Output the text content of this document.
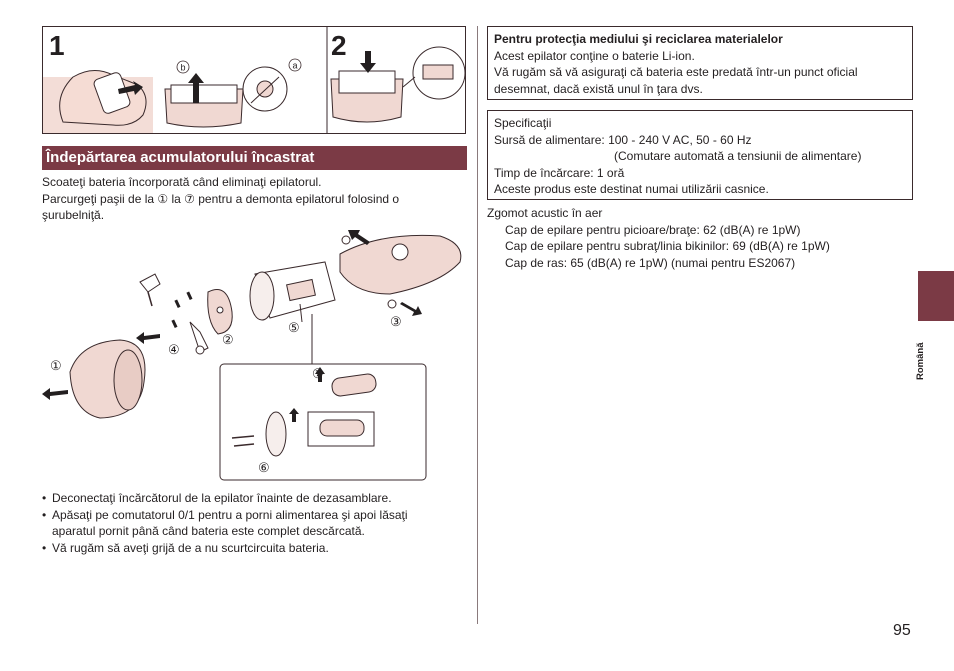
1	2
b	a
Îndepărtarea acumulatorului încastrat
Scoateţi bateria încorporată când eliminaţi epilatorul.
Parcurgeţi paşii de la ① la ⑦ pentru a demonta epilatorul folosind o
şurubelniţă.
①
②
③
④
⑤
⑥
⑦
• Deconectaţi încărcătorul de la epilator înainte de dezasamblare.
• Apăsaţi pe comutatorul 0/1 pentru a porni alimentarea şi apoi lăsaţi
aparatul pornit până când bateria este complet descărcată.
• Vă rugăm să aveţi grijă de a nu scurtcircuita bateria.
Pentru protecţia mediului şi reciclarea materialelor
Acest epilator conţine o baterie Li-ion.
Vă rugăm să vă asiguraţi că bateria este predată într-un punct oficial
desemnat, dacă există unul în ţara dvs.
Specificaţii
Sursă de alimentare: 100 - 240 V AC, 50 - 60 Hz
(Comutare automată a tensiunii de alimentare)
Timp de încărcare: 1 oră
Aceste produs este destinat numai utilizării casnice.
Zgomot acustic în aer
Cap de epilare pentru picioare/braţe: 62 (dB(A) re 1pW)
Cap de epilare pentru subraţ/linia bikinilor: 69 (dB(A) re 1pW)
Cap de ras: 65 (dB(A) re 1pW) (numai pentru ES2067)
Română
95
